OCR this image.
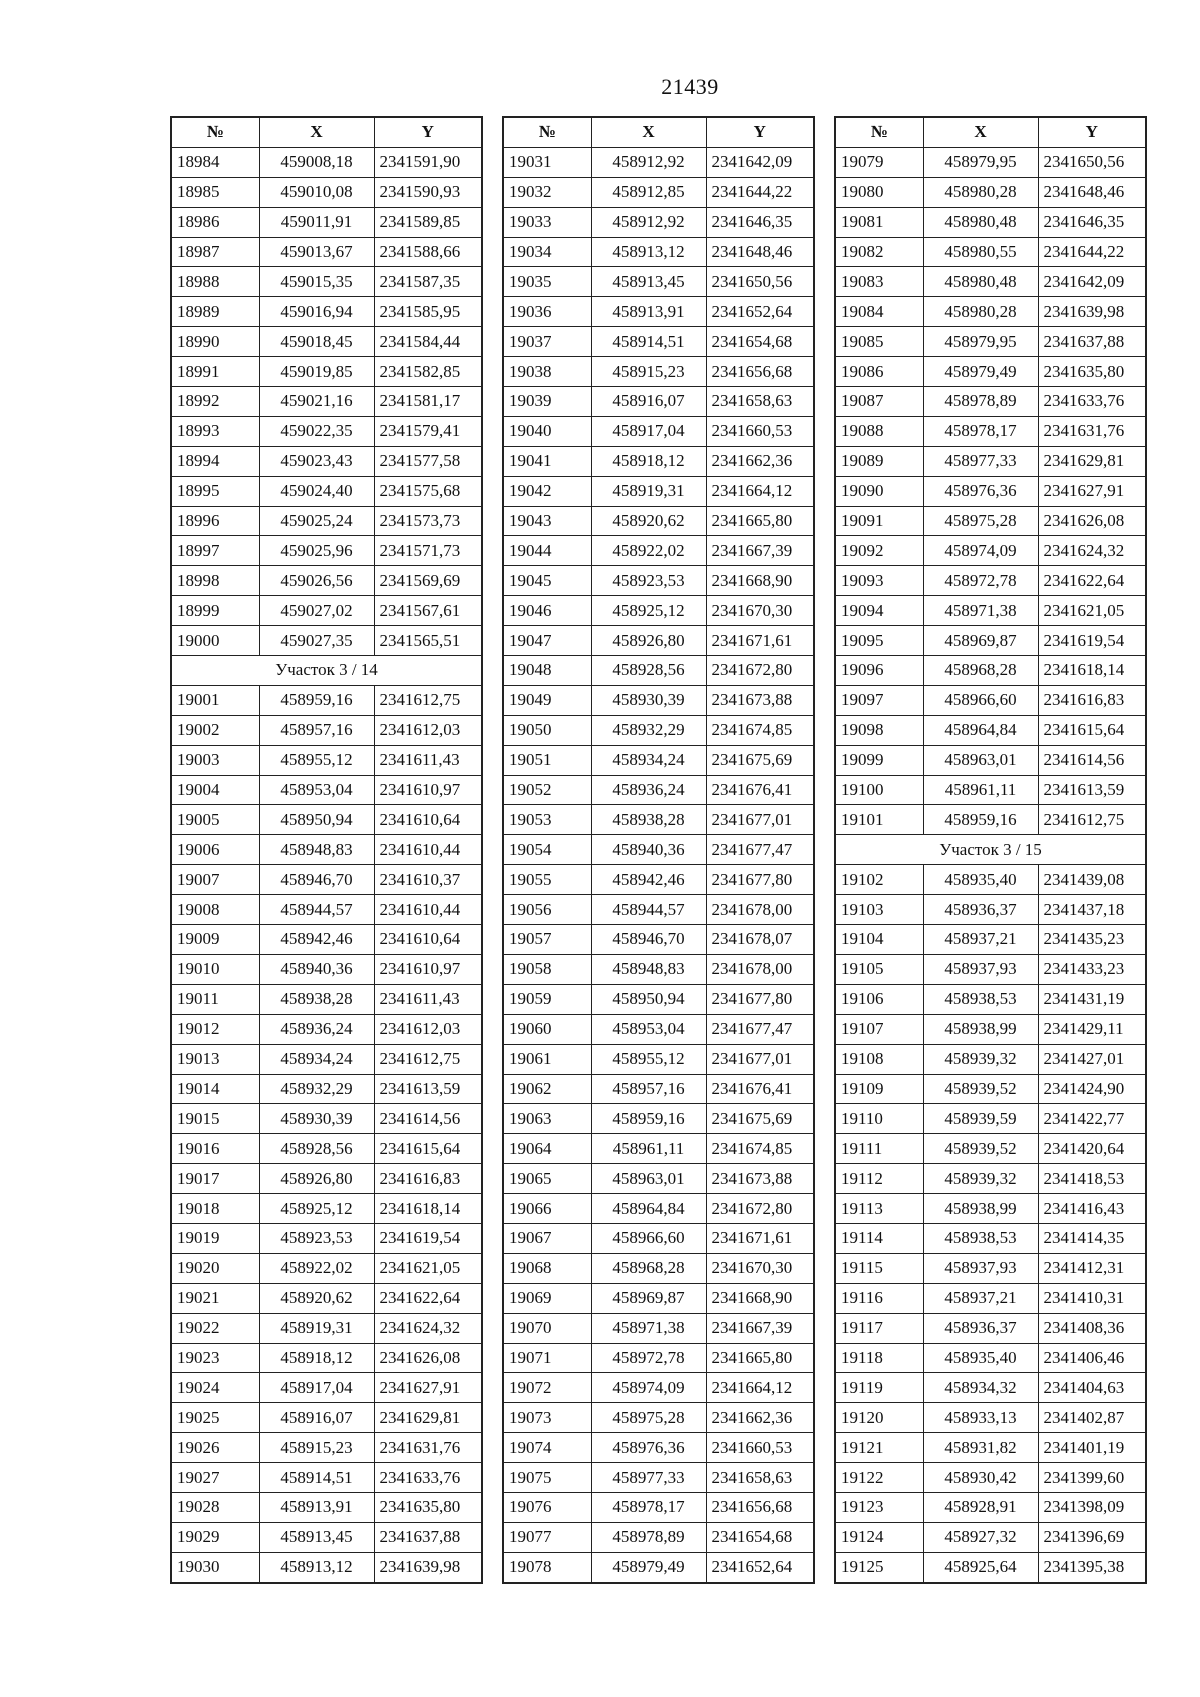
21439
№	X	Y
18984	459008,18	2341591,90
18985	459010,08	2341590,93
18986	459011,91	2341589,85
18987	459013,67	2341588,66
18988	459015,35	2341587,35
18989	459016,94	2341585,95
18990	459018,45	2341584,44
18991	459019,85	2341582,85
18992	459021,16	2341581,17
18993	459022,35	2341579,41
18994	459023,43	2341577,58
18995	459024,40	2341575,68
18996	459025,24	2341573,73
18997	459025,96	2341571,73
18998	459026,56	2341569,69
18999	459027,02	2341567,61
19000	459027,35	2341565,51
Участок 3 / 14		
19001	458959,16	2341612,75
19002	458957,16	2341612,03
19003	458955,12	2341611,43
19004	458953,04	2341610,97
19005	458950,94	2341610,64
19006	458948,83	2341610,44
19007	458946,70	2341610,37
19008	458944,57	2341610,44
19009	458942,46	2341610,64
19010	458940,36	2341610,97
19011	458938,28	2341611,43
19012	458936,24	2341612,03
19013	458934,24	2341612,75
19014	458932,29	2341613,59
19015	458930,39	2341614,56
19016	458928,56	2341615,64
19017	458926,80	2341616,83
19018	458925,12	2341618,14
19019	458923,53	2341619,54
19020	458922,02	2341621,05
19021	458920,62	2341622,64
19022	458919,31	2341624,32
19023	458918,12	2341626,08
19024	458917,04	2341627,91
19025	458916,07	2341629,81
19026	458915,23	2341631,76
19027	458914,51	2341633,76
19028	458913,91	2341635,80
19029	458913,45	2341637,88
19030	458913,12	2341639,98
№	X	Y
19031	458912,92	2341642,09
19032	458912,85	2341644,22
19033	458912,92	2341646,35
19034	458913,12	2341648,46
19035	458913,45	2341650,56
19036	458913,91	2341652,64
19037	458914,51	2341654,68
19038	458915,23	2341656,68
19039	458916,07	2341658,63
19040	458917,04	2341660,53
19041	458918,12	2341662,36
19042	458919,31	2341664,12
19043	458920,62	2341665,80
19044	458922,02	2341667,39
19045	458923,53	2341668,90
19046	458925,12	2341670,30
19047	458926,80	2341671,61
19048	458928,56	2341672,80
19049	458930,39	2341673,88
19050	458932,29	2341674,85
19051	458934,24	2341675,69
19052	458936,24	2341676,41
19053	458938,28	2341677,01
19054	458940,36	2341677,47
19055	458942,46	2341677,80
19056	458944,57	2341678,00
19057	458946,70	2341678,07
19058	458948,83	2341678,00
19059	458950,94	2341677,80
19060	458953,04	2341677,47
19061	458955,12	2341677,01
19062	458957,16	2341676,41
19063	458959,16	2341675,69
19064	458961,11	2341674,85
19065	458963,01	2341673,88
19066	458964,84	2341672,80
19067	458966,60	2341671,61
19068	458968,28	2341670,30
19069	458969,87	2341668,90
19070	458971,38	2341667,39
19071	458972,78	2341665,80
19072	458974,09	2341664,12
19073	458975,28	2341662,36
19074	458976,36	2341660,53
19075	458977,33	2341658,63
19076	458978,17	2341656,68
19077	458978,89	2341654,68
19078	458979,49	2341652,64
№	X	Y
19079	458979,95	2341650,56
19080	458980,28	2341648,46
19081	458980,48	2341646,35
19082	458980,55	2341644,22
19083	458980,48	2341642,09
19084	458980,28	2341639,98
19085	458979,95	2341637,88
19086	458979,49	2341635,80
19087	458978,89	2341633,76
19088	458978,17	2341631,76
19089	458977,33	2341629,81
19090	458976,36	2341627,91
19091	458975,28	2341626,08
19092	458974,09	2341624,32
19093	458972,78	2341622,64
19094	458971,38	2341621,05
19095	458969,87	2341619,54
19096	458968,28	2341618,14
19097	458966,60	2341616,83
19098	458964,84	2341615,64
19099	458963,01	2341614,56
19100	458961,11	2341613,59
19101	458959,16	2341612,75
Участок 3 / 15		
19102	458935,40	2341439,08
19103	458936,37	2341437,18
19104	458937,21	2341435,23
19105	458937,93	2341433,23
19106	458938,53	2341431,19
19107	458938,99	2341429,11
19108	458939,32	2341427,01
19109	458939,52	2341424,90
19110	458939,59	2341422,77
19111	458939,52	2341420,64
19112	458939,32	2341418,53
19113	458938,99	2341416,43
19114	458938,53	2341414,35
19115	458937,93	2341412,31
19116	458937,21	2341410,31
19117	458936,37	2341408,36
19118	458935,40	2341406,46
19119	458934,32	2341404,63
19120	458933,13	2341402,87
19121	458931,82	2341401,19
19122	458930,42	2341399,60
19123	458928,91	2341398,09
19124	458927,32	2341396,69
19125	458925,64	2341395,38
